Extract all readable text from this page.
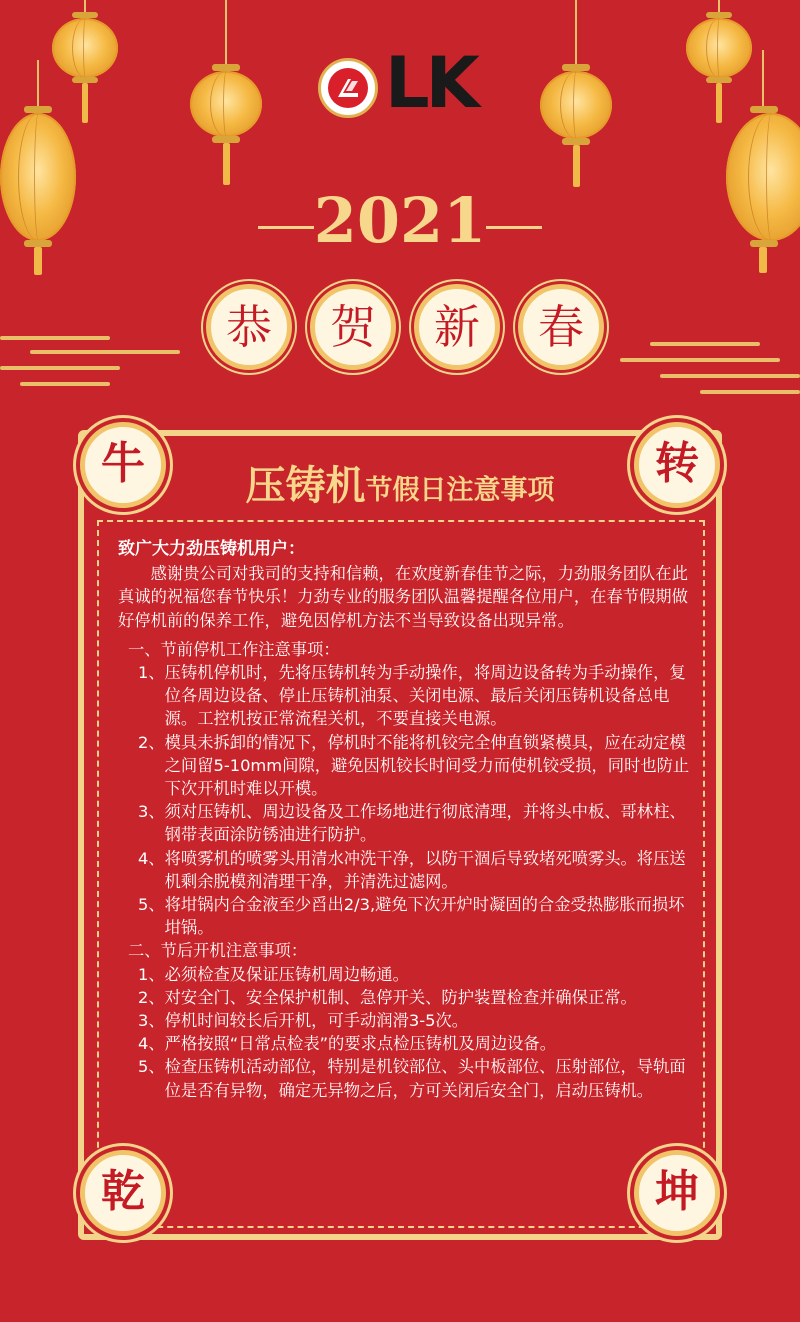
LK
2021
恭	贺	新	春
牛	转
乾	坤
压铸机节假日注意事项

致广大力劲压铸机用户：

感谢贵公司对我司的支持和信赖，在欢度新春佳节之际，力劲服务团队在此真诚的祝福您春节快乐！力劲专业的服务团队温馨提醒各位用户，在春节假期做好停机前的保养工作，避免因停机方法不当导致设备出现异常。

一、节前停机工作注意事项：

1、 压铸机停机时，先将压铸机转为手动操作，将周边设备转为手动操作，复位各周边设备、停止压铸机油泵、关闭电源、最后关闭压铸机设备总电源。工控机按正常流程关机，不要直接关电源。
2、 模具未拆卸的情况下，停机时不能将机铰完全伸直锁紧模具，应在动定模之间留5-10mm间隙，避免因机铰长时间受力而使机铰受损，同时也防止下次开机时难以开模。
3、 须对压铸机、周边设备及工作场地进行彻底清理，并将头中板、哥林柱、钢带表面涂防锈油进行防护。
4、 将喷雾机的喷雾头用清水冲洗干净，以防干涸后导致堵死喷雾头。将压送机剩余脱模剂清理干净，并清洗过滤网。
5、 将坩锅内合金液至少舀出2/3,避免下次开炉时凝固的合金受热膨胀而损坏坩锅。

二、节后开机注意事项：

1、 必须检查及保证压铸机周边畅通。
2、 对安全门、安全保护机制、急停开关、防护装置检查并确保正常。
3、 停机时间较长后开机，可手动润滑3-5次。
4、 严格按照“日常点检表”的要求点检压铸机及周边设备。
5、 检查压铸机活动部位，特别是机铰部位、头中板部位、压射部位，导轨面位是否有异物，确定无异物之后，方可关闭后安全门，启动压铸机。
